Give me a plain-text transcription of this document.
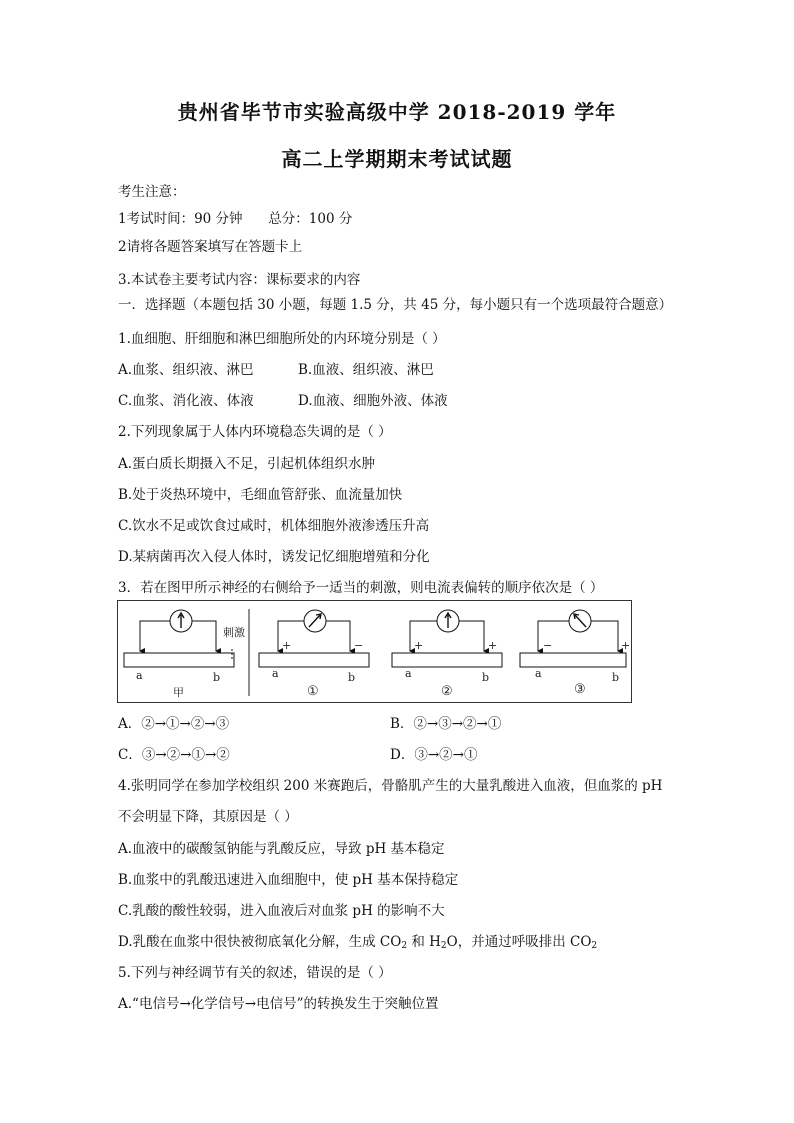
贵州省毕节市实验高级中学 2018-2019 学年
高二上学期期末考试试题
考生注意：
1考试时间：90 分钟      总分：100 分
2请将各题答案填写在答题卡上
3.本试卷主要考试内容：课标要求的内容
一．选择题（本题包括 30 小题，每题 1.5 分，共 45 分，每小题只有一个选项最符合题意）
1.血细胞、肝细胞和淋巴细胞所处的内环境分别是（ ）
A.血浆、组织液、淋巴	B.血液、组织液、淋巴
C.血浆、消化液、体液	D.血液、细胞外液、体液
2.下列现象属于人体内环境稳态失调的是（ ）
A.蛋白质长期摄入不足，引起机体组织水肿
B.处于炎热环境中，毛细血管舒张、血流量加快
C.饮水不足或饮食过咸时，机体细胞外液渗透压升高
D.某病菌再次入侵人体时，诱发记忆细胞增殖和分化
3．若在图甲所示神经的右侧给予一适当的刺激，则电流表偏转的顺序依次是（ ）
刺激
a	b
甲
+	−
a	b
①
+	+
a	b
②
−	+
a	b
③
A．②→①→②→③	B．②→③→②→①
C．③→②→①→②	D．③→②→①
4.张明同学在参加学校组织 200 米赛跑后，骨骼肌产生的大量乳酸进入血液，但血浆的 pH
不会明显下降，其原因是（ ）
A.血液中的碳酸氢钠能与乳酸反应，导致 pH 基本稳定
B.血浆中的乳酸迅速进入血细胞中，使 pH 基本保持稳定
C.乳酸的酸性较弱，进入血液后对血浆 pH 的影响不大
D.乳酸在血浆中很快被彻底氧化分解，生成 $CO_2$ 和 $H_2O$，并通过呼吸排出 $CO_2$
5.下列与神经调节有关的叙述，错误的是（ ）
A.“电信号→化学信号→电信号”的转换发生于突触位置
